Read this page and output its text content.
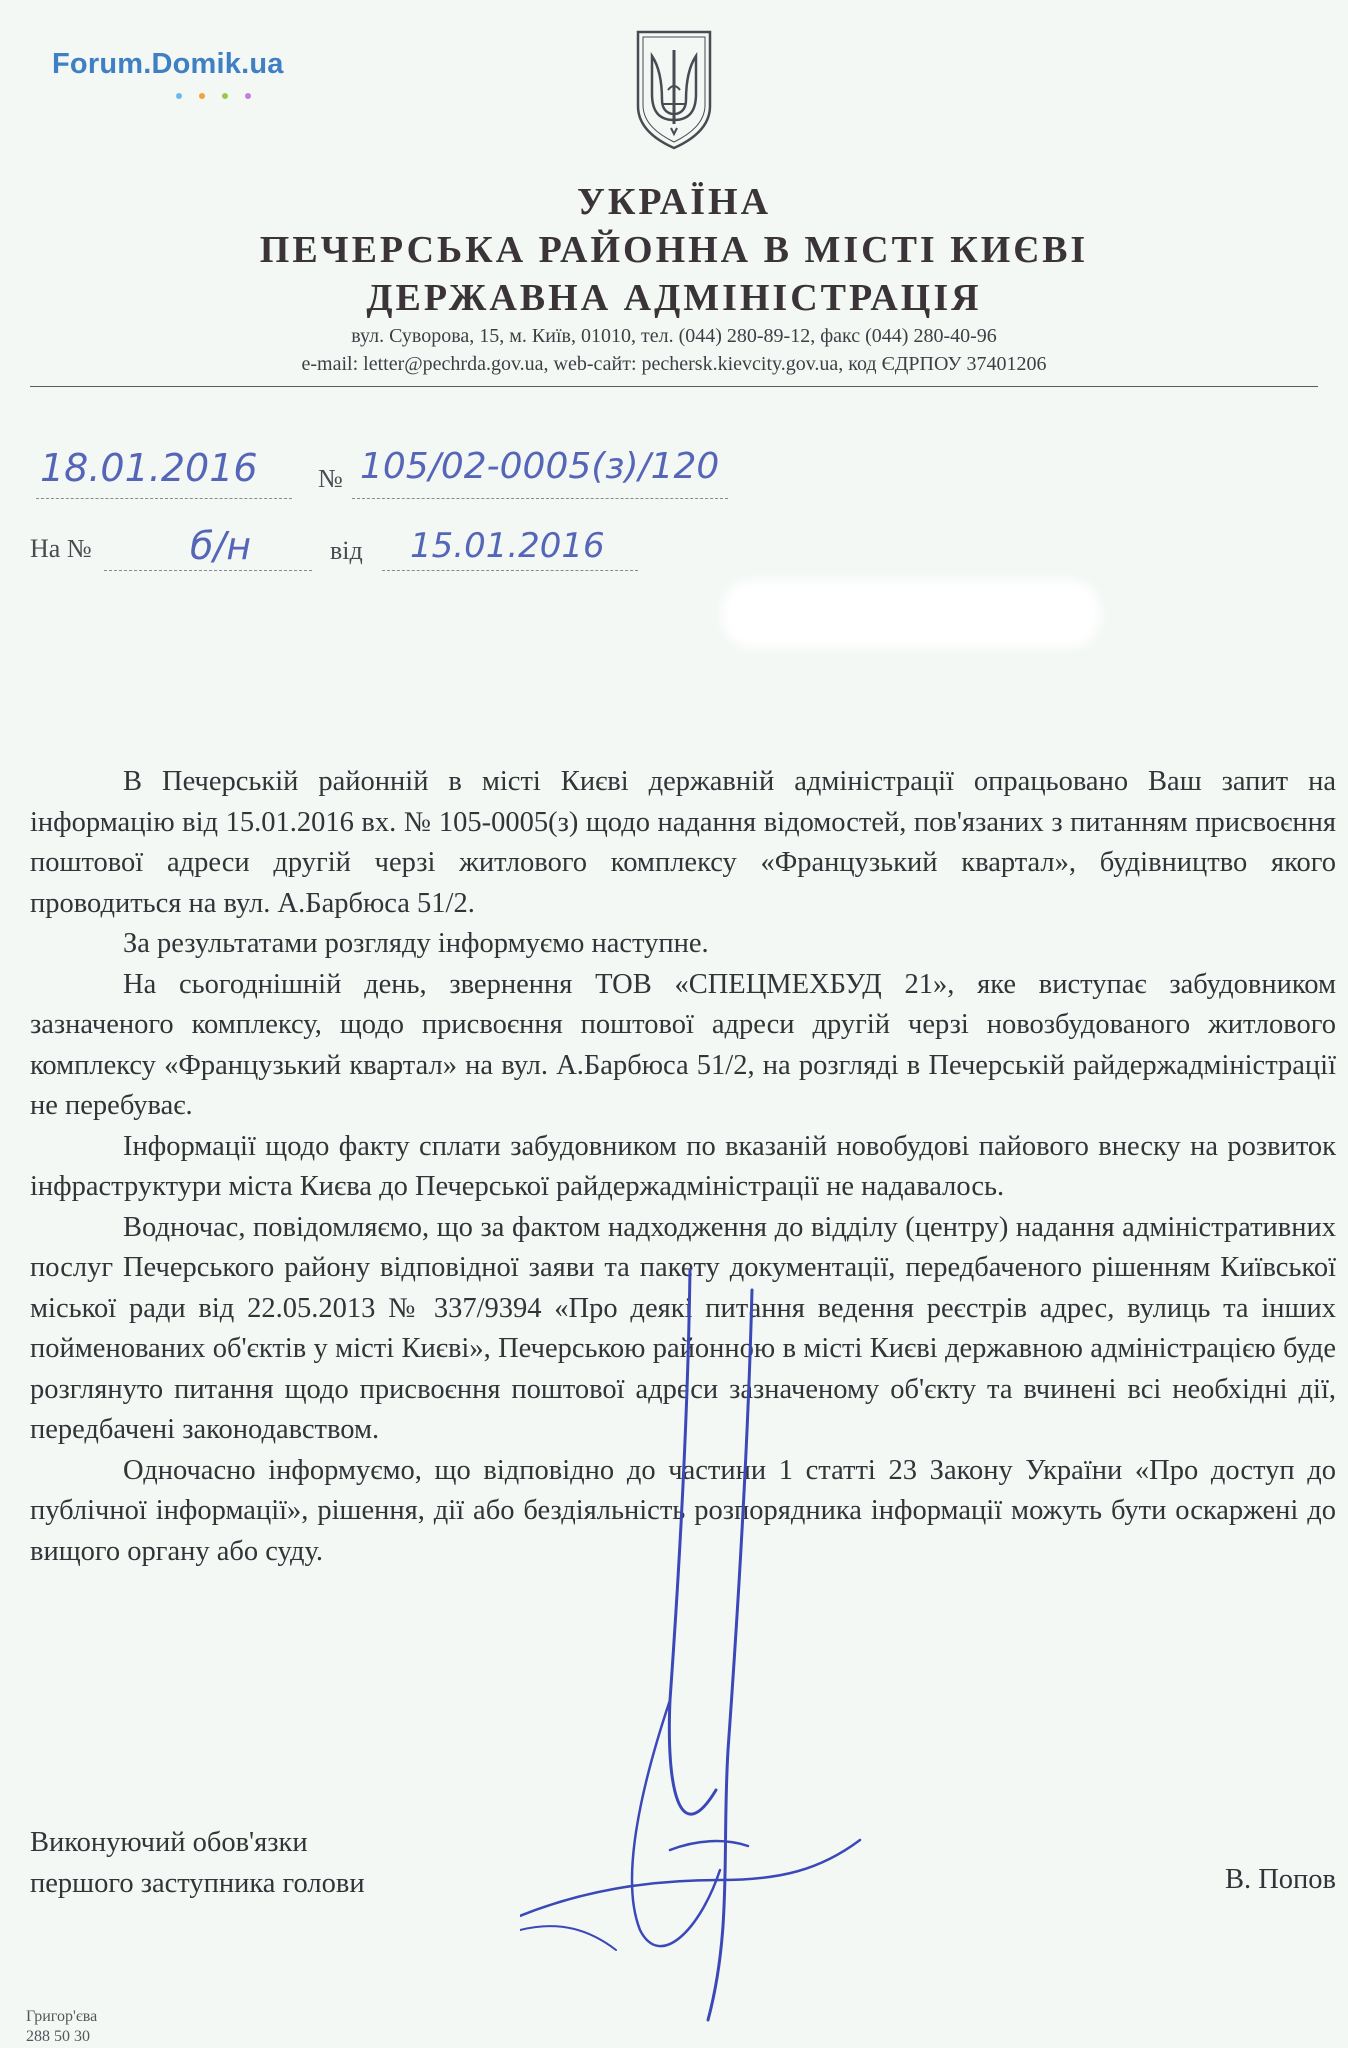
Forum.Domik.ua
УКРАЇНА
ПЕЧЕРСЬКА РАЙОННА В МІСТІ КИЄВІ
ДЕРЖАВНА АДМІНІСТРАЦІЯ
вул. Суворова, 15, м. Київ, 01010, тел. (044) 280-89-12, факс (044) 280-40-96
e-mail: letter@pechrda.gov.ua, web-сайт: pechersk.kievcity.gov.ua, код ЄДРПОУ 37401206
18.01.2016 № 105/02-0005(з)/120
На №	б/н	від 15.01.2016

В Печерській районній в місті Києві державній адміністрації опрацьовано Ваш запит на інформацію від 15.01.2016 вх. № 105-0005(з) щодо надання відомостей, пов'язаних з питанням присвоєння поштової адреси другій черзі житлового комплексу «Французький квартал», будівництво якого проводиться на вул. А.Барбюса 51/2.

За результатами розгляду інформуємо наступне.

На сьогоднішній день, звернення ТОВ «СПЕЦМЕХБУД 21», яке виступає забудовником зазначеного комплексу, щодо присвоєння поштової адреси другій черзі новозбудованого житлового комплексу «Французький квартал» на вул. А.Барбюса 51/2, на розгляді в Печерській райдержадміністрації не перебуває.

Інформації щодо факту сплати забудовником по вказаній новобудові пайового внеску на розвиток інфраструктури міста Києва до Печерської райдержадміністрації не надавалось.

Водночас, повідомляємо, що за фактом надходження до відділу (центру) надання адміністративних послуг Печерського району відповідної заяви та пакету документації, передбаченого рішенням Київської міської ради від 22.05.2013 № 337/9394 «Про деякі питання ведення реєстрів адрес, вулиць та інших пойменованих об'єктів у місті Києві», Печерською районною в місті Києві державною адміністрацією буде розглянуто питання щодо присвоєння поштової адреси зазначеному об'єкту та вчинені всі необхідні дії, передбачені законодавством.

Одночасно інформуємо, що відповідно до частини 1 статті 23 Закону України «Про доступ до публічної інформації», рішення, дії або бездіяльність розпорядника інформації можуть бути оскаржені до вищого органу або суду.

Виконуючий обов'язки
першого заступника голови	В. Попов
Григор'єва
288 50 30
